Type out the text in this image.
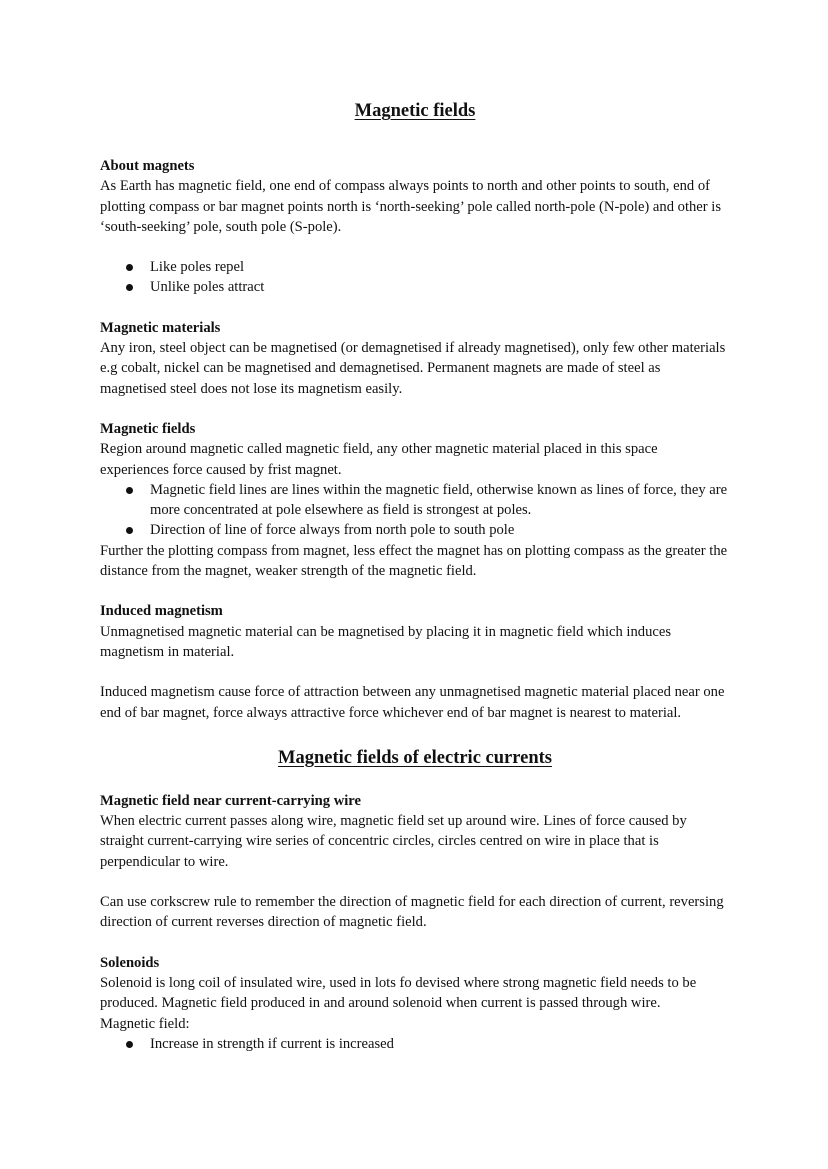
Magnetic fields

About magnets

As Earth has magnetic field, one end of compass always points to north and other points to south, end of plotting compass or bar magnet points north is ‘north-seeking’ pole called north-pole (N-pole) and other is ‘south-seeking’ pole, south pole (S-pole).

Like poles repel
Unlike poles attract

Magnetic materials

Any iron, steel object can be magnetised (or demagnetised if already magnetised), only few other materials e.g cobalt, nickel can be magnetised and demagnetised. Permanent magnets are made of steel as magnetised steel does not lose its magnetism easily.

Magnetic fields

Region around magnetic called magnetic field, any other magnetic material placed in this space experiences force caused by frist magnet.

Magnetic field lines are lines within the magnetic field, otherwise known as lines of force, they are more concentrated at pole elsewhere as field is strongest at poles.
Direction of line of force always from north pole to south pole

Further the plotting compass from magnet, less effect the magnet has on plotting compass as the greater the distance from the magnet, weaker strength of the magnetic field.

Induced magnetism

Unmagnetised magnetic material can be magnetised by placing it in magnetic field which induces magnetism in material.

Induced magnetism cause force of attraction between any unmagnetised magnetic material placed near one end of bar magnet, force always attractive force whichever end of bar magnet is nearest to material.

Magnetic fields of electric currents

Magnetic field near current-carrying wire

When electric current passes along wire, magnetic field set up around wire. Lines of force caused by straight current-carrying wire series of concentric circles, circles centred on wire in place that is perpendicular to wire.

Can use corkscrew rule to remember the direction of magnetic field for each direction of current, reversing direction of current reverses direction of magnetic field.

Solenoids

Solenoid is long coil of insulated wire, used in lots fo devised where strong magnetic field needs to be produced. Magnetic field produced in and around solenoid when current is passed through wire.

Magnetic field:

Increase in strength if current is increased
